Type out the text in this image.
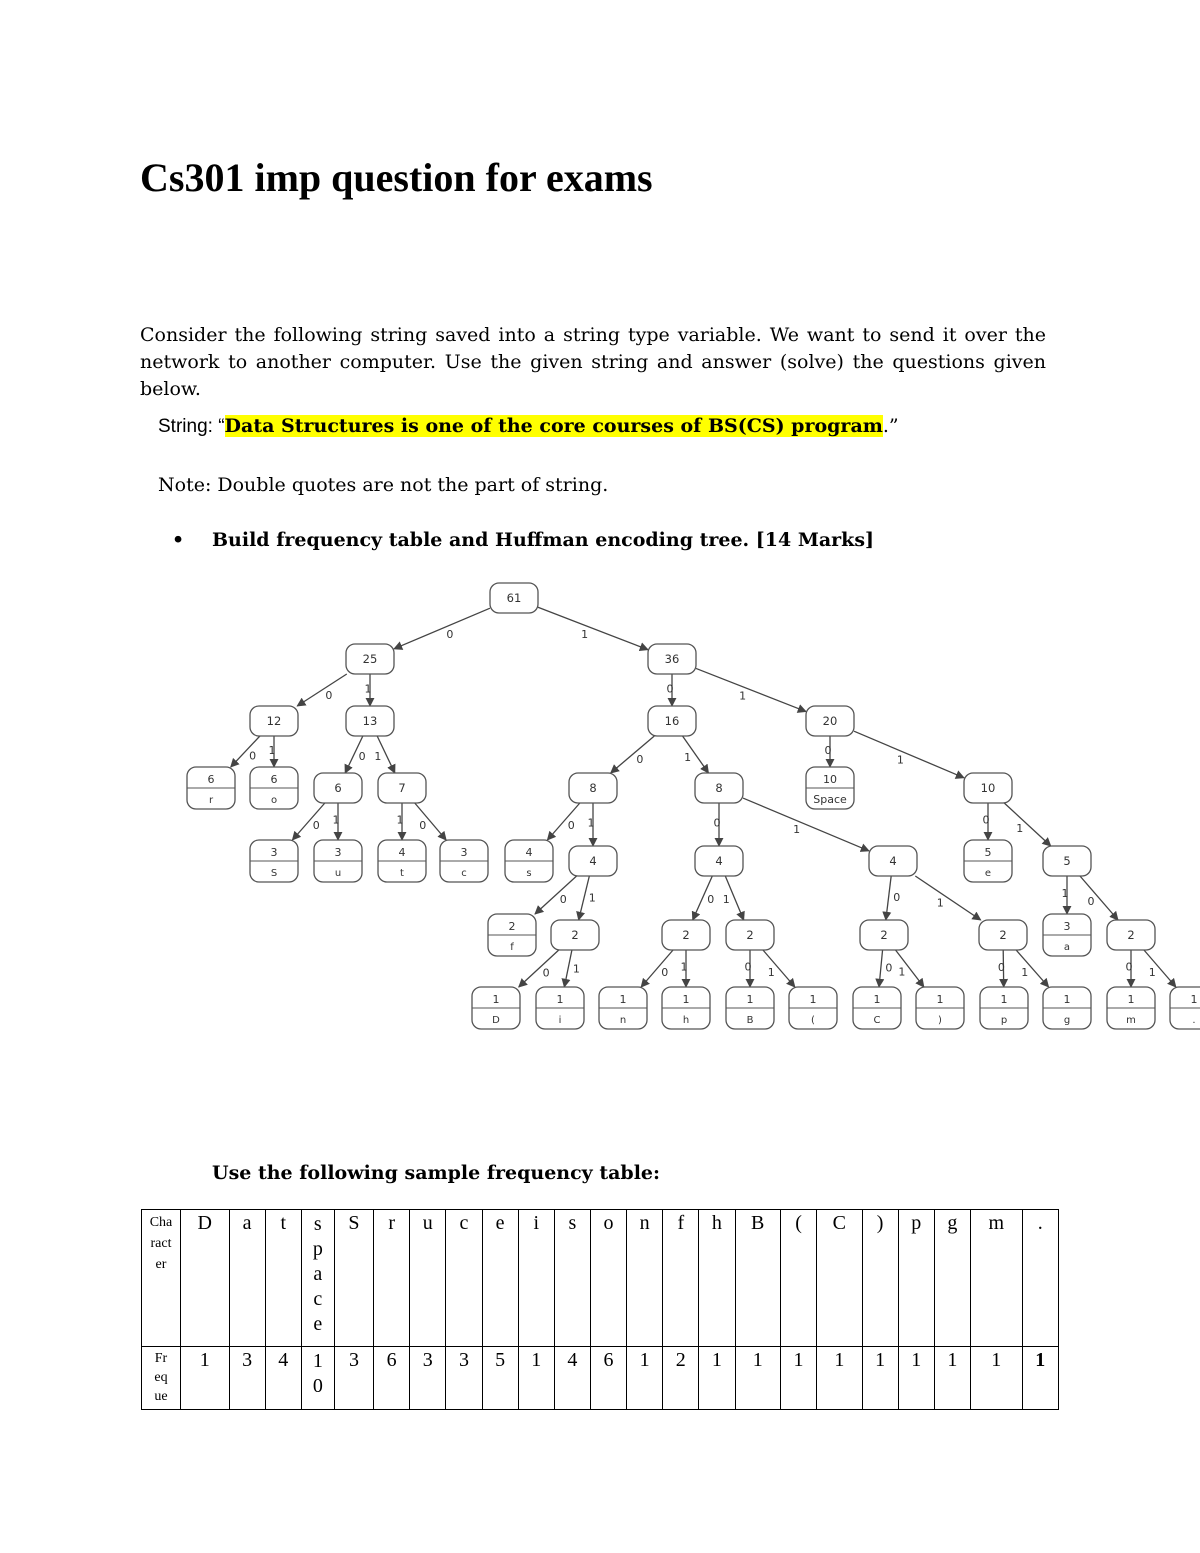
Cs301 imp question for exams

Consider the following string saved into a string type variable. We want to send it over the network to another computer. Use the given string and answer (solve) the questions given below.

String: “Data Structures is one of the core courses of BS(CS) program.”

Note: Double quotes are not the part of string.

• Build frequency table and Huffman encoding tree. [14 Marks]

0	1
0
1	0
1
0 1	0 1	0	1
0
1
0 1	1 0	0 1	0
1
0
1
0 1	0 1	0	1
1
0
0 1	0 1	0 1	0 1	0 1	0 1
61
25	36
12	13	16	20
6	7	8	8	10
4	4	4	5
2	2	2	2	2	2
6
r
6
o
10
Space
3
S
3
u
4
t
3
c
4
s
5
e
2
f
3
a
1
D
1
i
1
n
1
h
1
B
1
(
1
C
1
)
1
p
1
g
1
m
1
.

Use the following sample frequency table:

Character	D	a	t	space	S	r	u	c	e	i	s	o	n	f	h	B	(	C	)	p	g	m	.
Freque	1	3	4	10	3	6	3	3	5	1	4	6	1	2	1	1	1	1	1	1	1	1	1
